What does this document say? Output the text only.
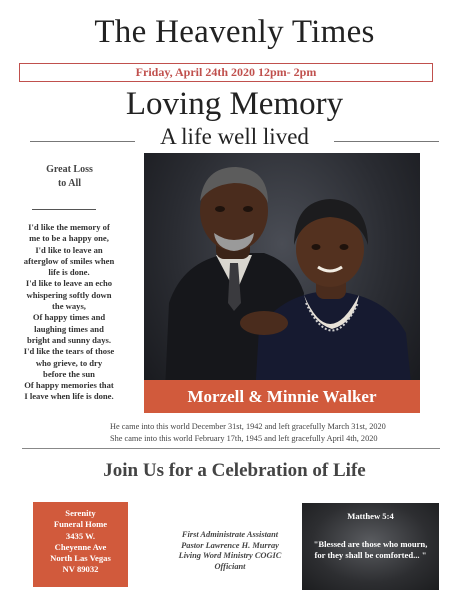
The Heavenly Times
Friday, April 24th 2020 12pm- 2pm
Loving Memory
A life well lived
Great Loss
to All
I'd like the memory of
me to be a happy one,
I'd like to leave an
afterglow of smiles when
life is done.
I'd like to leave an echo
whispering softly down
the ways,
Of happy times and
laughing times and
bright and sunny days.
I'd like the tears of those
who grieve, to dry
before the sun
Of happy memories that
I leave when life is done.	Morzell & Minnie Walker
He came into this world December 31st, 1942 and left gracefully March 31st, 2020
She came into this world February 17th, 1945 and left gracefully April 4th, 2020
Join Us for a Celebration of Life
Serenity
Funeral Home
3435 W.
Cheyenne Ave
North Las Vegas
NV 89032
First Administrate Assistant
Pastor Lawrence H. Murray
Living Word Ministry COGIC
Officiant
Matthew 5:4
"Blessed are those who mourn, for they shall be comforted... "
